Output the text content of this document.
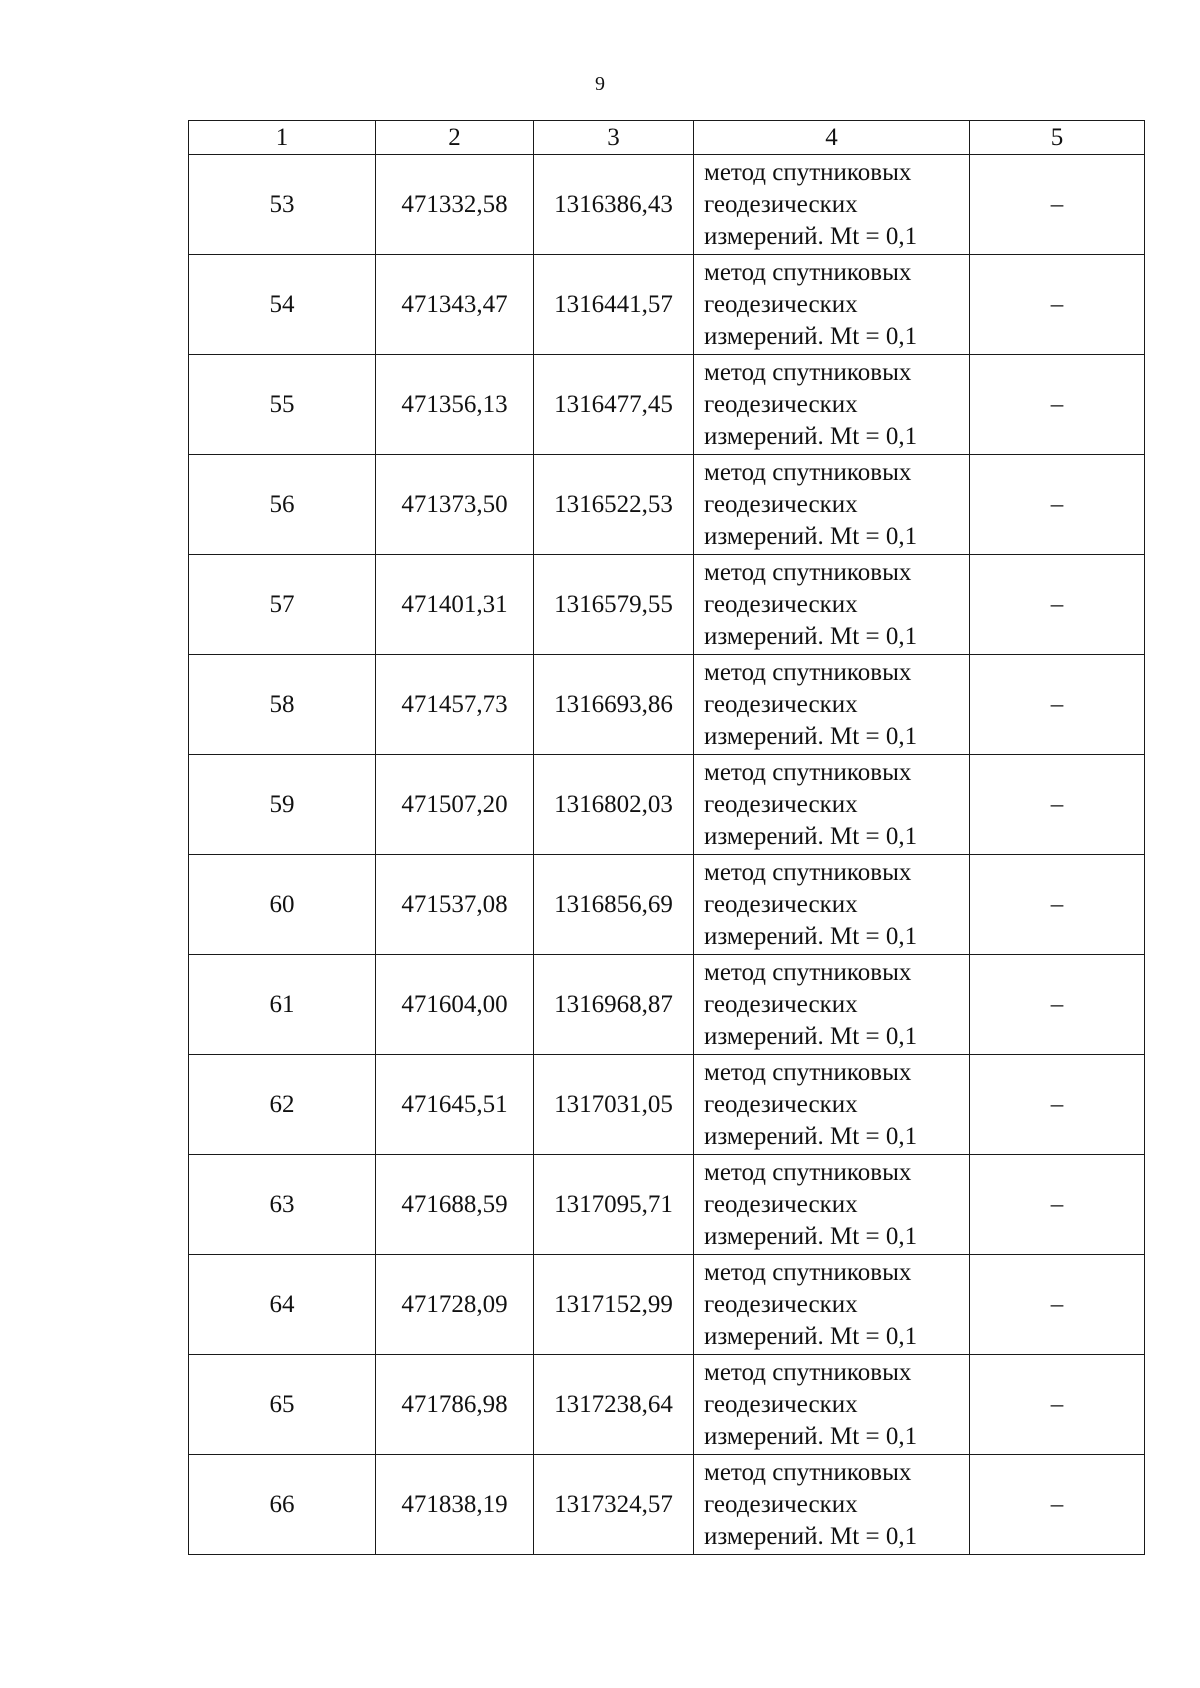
9
1	2	3	4	5
53	471332,58	1316386,43	метод спутниковых
геодезических
измерений. Mt = 0,1	–
54	471343,47	1316441,57	метод спутниковых
геодезических
измерений. Mt = 0,1	–
55	471356,13	1316477,45	метод спутниковых
геодезических
измерений. Mt = 0,1	–
56	471373,50	1316522,53	метод спутниковых
геодезических
измерений. Mt = 0,1	–
57	471401,31	1316579,55	метод спутниковых
геодезических
измерений. Mt = 0,1	–
58	471457,73	1316693,86	метод спутниковых
геодезических
измерений. Mt = 0,1	–
59	471507,20	1316802,03	метод спутниковых
геодезических
измерений. Mt = 0,1	–
60	471537,08	1316856,69	метод спутниковых
геодезических
измерений. Mt = 0,1	–
61	471604,00	1316968,87	метод спутниковых
геодезических
измерений. Mt = 0,1	–
62	471645,51	1317031,05	метод спутниковых
геодезических
измерений. Mt = 0,1	–
63	471688,59	1317095,71	метод спутниковых
геодезических
измерений. Mt = 0,1	–
64	471728,09	1317152,99	метод спутниковых
геодезических
измерений. Mt = 0,1	–
65	471786,98	1317238,64	метод спутниковых
геодезических
измерений. Mt = 0,1	–
66	471838,19	1317324,57	метод спутниковых
геодезических
измерений. Mt = 0,1	–
